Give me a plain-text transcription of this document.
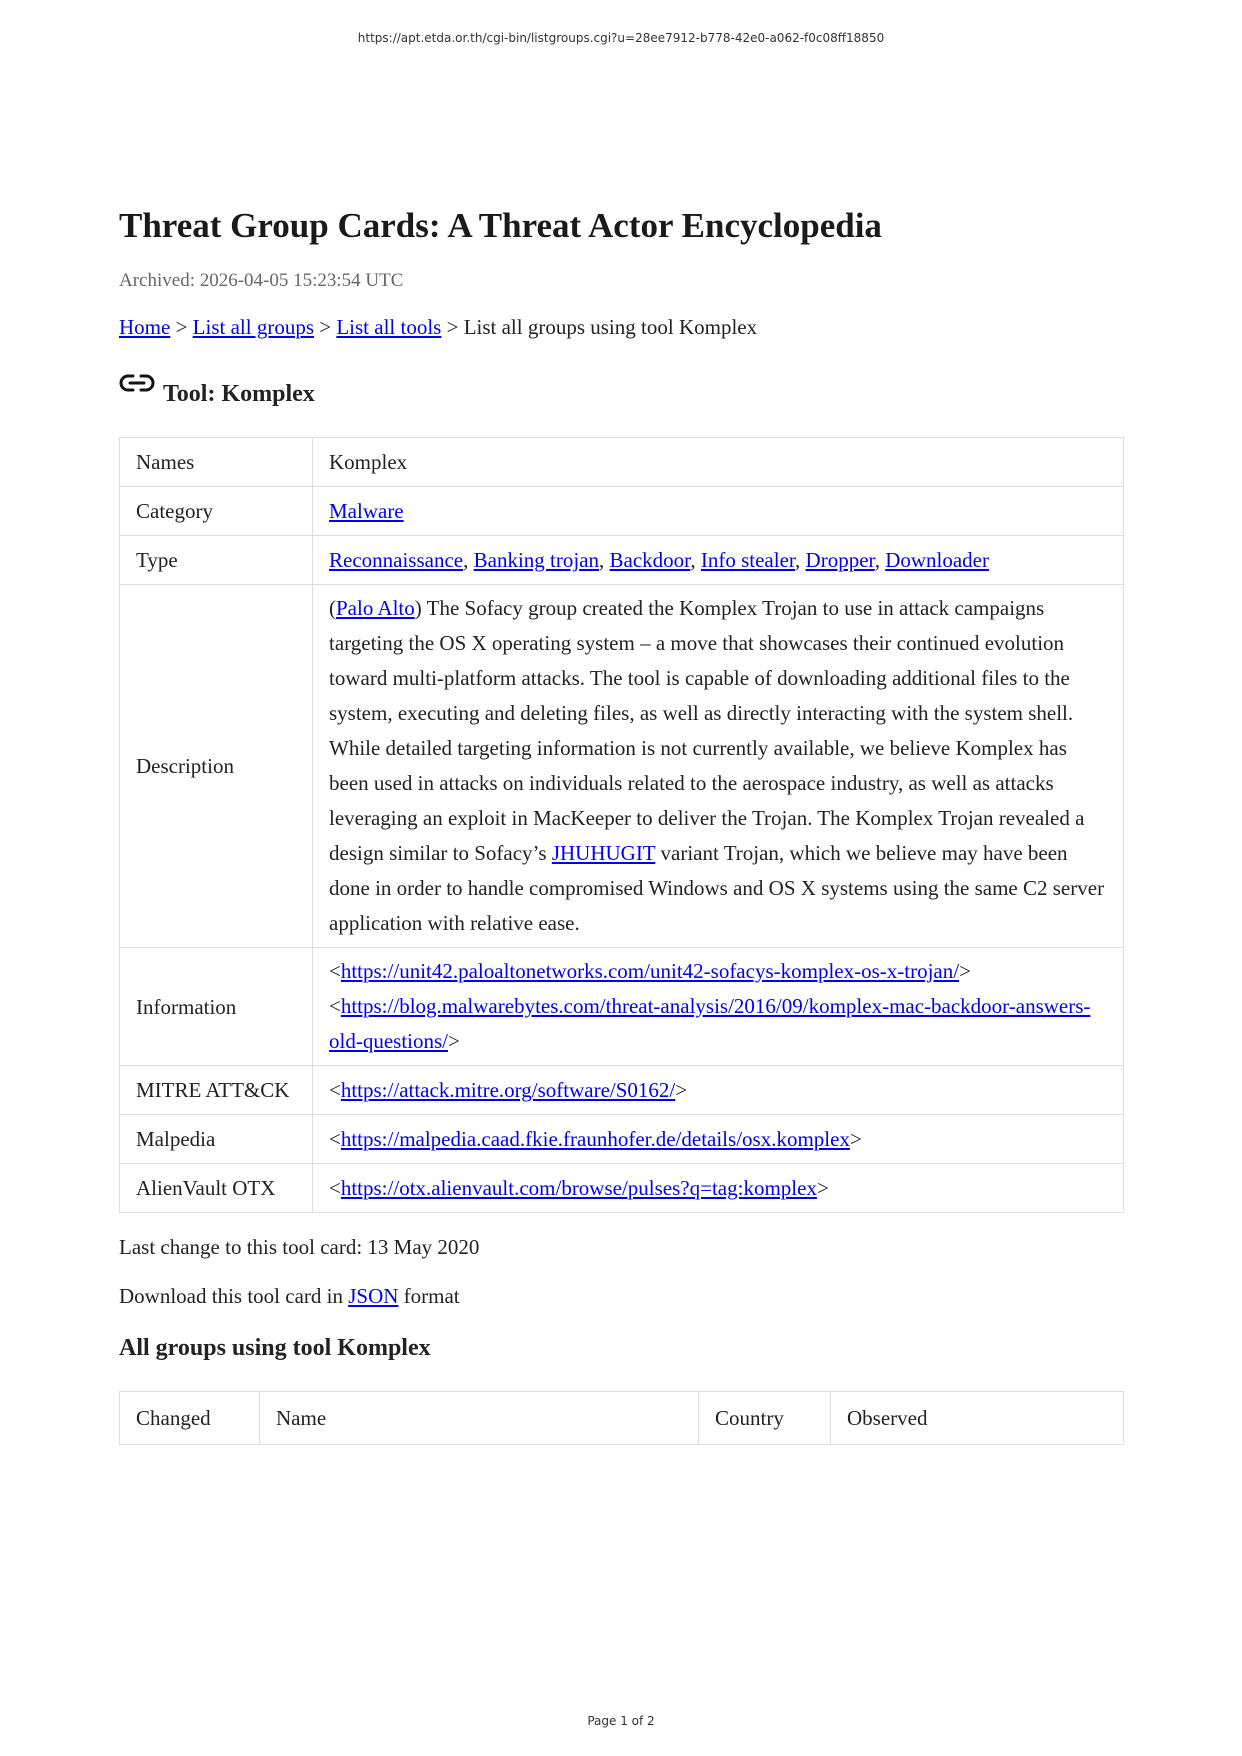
https://apt.etda.or.th/cgi-bin/listgroups.cgi?u=28ee7912-b778-42e0-a062-f0c08ff18850
Threat Group Cards: A Threat Actor Encyclopedia
Archived: 2026-04-05 15:23:54 UTC
Home > List all groups > List all tools > List all groups using tool Komplex
Tool: Komplex
Names	Komplex
Category	Malware
Type	Reconnaissance, Banking trojan, Backdoor, Info stealer, Dropper, Downloader
Description	(Palo Alto) The Sofacy group created the Komplex Trojan to use in attack campaigns targeting the OS X operating system – a move that showcases their continued evolution toward multi-platform attacks. The tool is capable of downloading additional files to the system, executing and deleting files, as well as directly interacting with the system shell. While detailed targeting information is not currently available, we believe Komplex has been used in attacks on individuals related to the aerospace industry, as well as attacks leveraging an exploit in MacKeeper to deliver the Trojan. The Komplex Trojan revealed a design similar to Sofacy’s JHUHUGIT variant Trojan, which we believe may have been done in order to handle compromised Windows and OS X systems using the same C2 server application with relative ease.
Information	<https://unit42.paloaltonetworks.com/unit42-sofacys-komplex-os-x-trojan/>
<https://blog.malwarebytes.com/threat-analysis/2016/09/komplex-mac-backdoor-answers-old-questions/>
MITRE ATT&CK	<https://attack.mitre.org/software/S0162/>
Malpedia	<https://malpedia.caad.fkie.fraunhofer.de/details/osx.komplex>
AlienVault OTX	<https://otx.alienvault.com/browse/pulses?q=tag:komplex>
Last change to this tool card: 13 May 2020
Download this tool card in JSON format
All groups using tool Komplex
Changed	Name	Country	Observed
Page 1 of 2
